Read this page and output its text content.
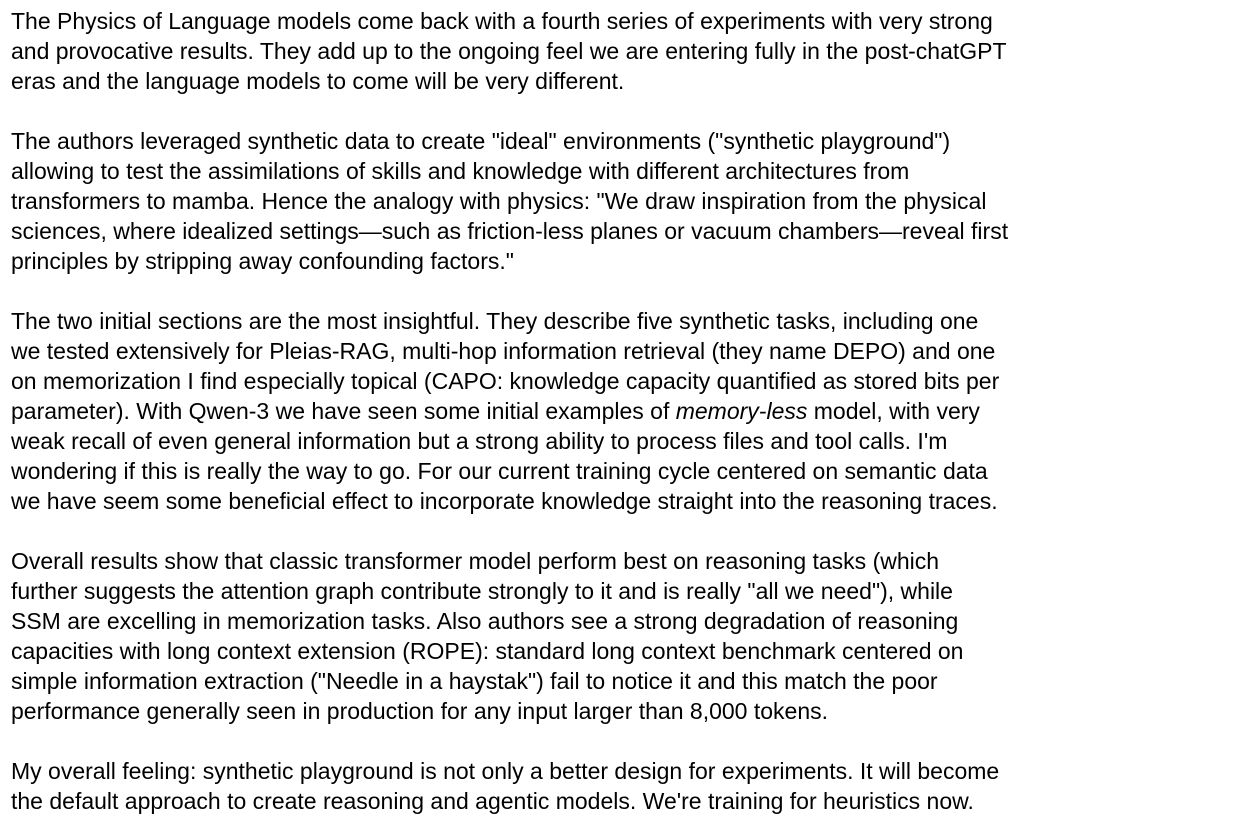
The Physics of Language models come back with a fourth series of experiments with very strong
and provocative results. They add up to the ongoing feel we are entering fully in the post-chatGPT
eras and the language models to come will be very different.

The authors leveraged synthetic data to create "ideal" environments ("synthetic playground")
allowing to test the assimilations of skills and knowledge with different architectures from
transformers to mamba. Hence the analogy with physics: "We draw inspiration from the physical
sciences, where idealized settings—such as friction-less planes or vacuum chambers—reveal first
principles by stripping away confounding factors."

The two initial sections are the most insightful. They describe five synthetic tasks, including one
we tested extensively for Pleias-RAG, multi-hop information retrieval (they name DEPO) and one
on memorization I find especially topical (CAPO: knowledge capacity quantified as stored bits per
parameter). With Qwen-3 we have seen some initial examples of memory-less model, with very
weak recall of even general information but a strong ability to process files and tool calls. I'm
wondering if this is really the way to go. For our current training cycle centered on semantic data
we have seem some beneficial effect to incorporate knowledge straight into the reasoning traces.

Overall results show that classic transformer model perform best on reasoning tasks (which
further suggests the attention graph contribute strongly to it and is really "all we need"), while
SSM are excelling in memorization tasks. Also authors see a strong degradation of reasoning
capacities with long context extension (ROPE): standard long context benchmark centered on
simple information extraction ("Needle in a haystak") fail to notice it and this match the poor
performance generally seen in production for any input larger than 8,000 tokens.

My overall feeling: synthetic playground is not only a better design for experiments. It will become
the default approach to create reasoning and agentic models. We're training for heuristics now.
